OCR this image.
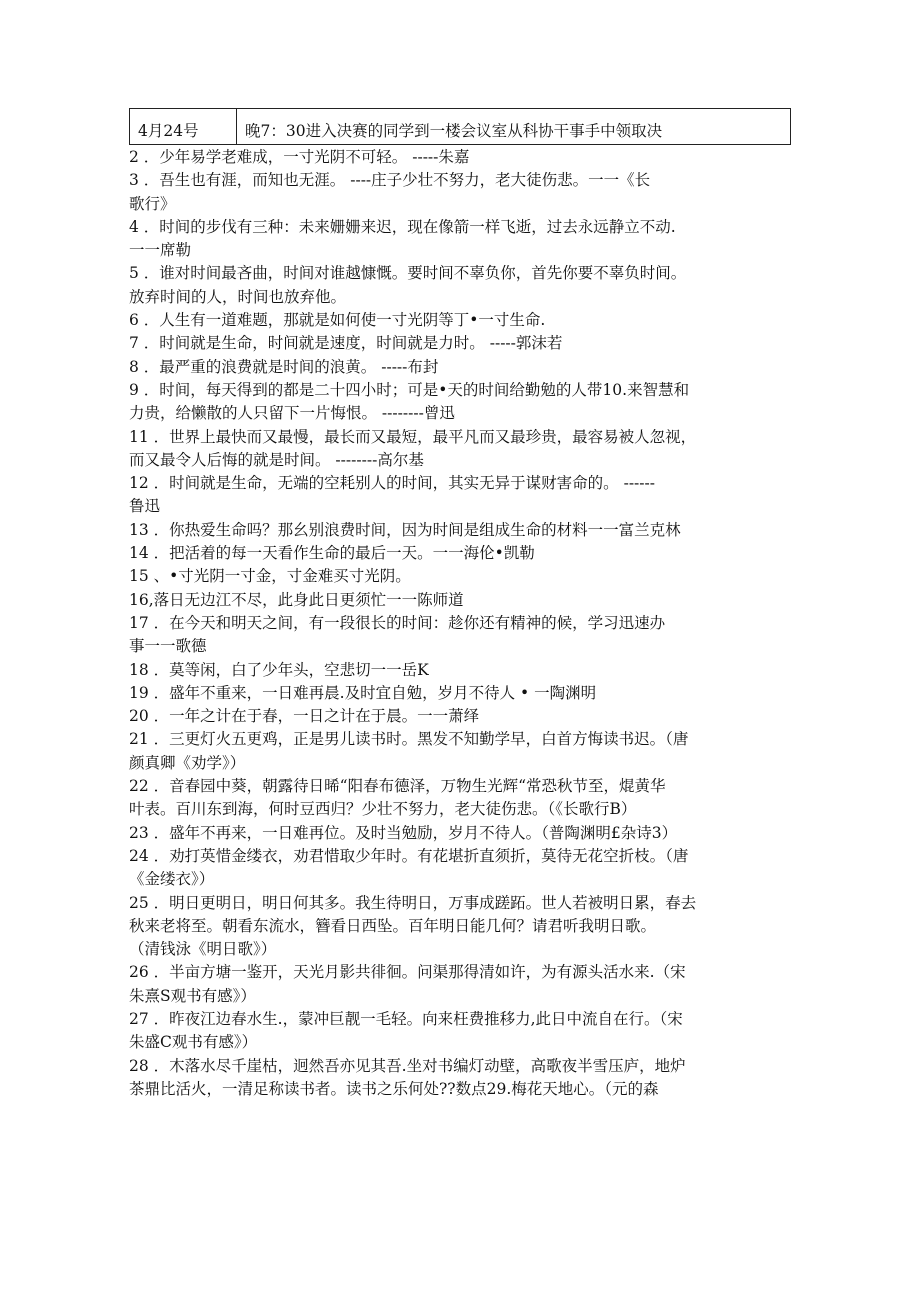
4月24号	晚7：30进入决赛的同学到一楼会议室从科协干事手中领取决

2 ．少年易学老难成，一寸光阴不可轻。 -----朱嘉

3 ．吾生也有涯，而知也无涯。 ----庄子少壮不努力，老大徒伤悲。一一《长

歌行》

4 ．时间的步伐有三种：未来姗姗来迟，现在像箭一样飞逝，过去永远静立不动.

一一席勒

5 ．谁对时间最吝曲，时间对谁越慷慨。要时间不辜负你，首先你要不辜负时间。

放弃时间的人，时间也放弃他。

6 ．人生有一道难题，那就是如何使一寸光阴等丁•一寸生命.

7 ．时间就是生命，时间就是速度，时间就是力时。 -----郭沫若

8 ．最严重的浪费就是时间的浪黄。 -----布封

9 ．时间，每天得到的都是二十四小时；可是•天的时间给勤勉的人带10.来智慧和

力贵，给懒散的人只留下一片悔恨。 --------曾迅

11 ．世界上最快而又最慢，最长而又最短，最平凡而又最珍贵，最容易被人忽视，

而又最令人后悔的就是时间。 --------高尔基

12 ．时间就是生命，无端的空耗别人的时间，其实无异于谋财害命的。 ------

鲁迅

13 ．你热爱生命吗？那幺别浪费时间，因为时间是组成生命的材料一一富兰克林

14 ．把活着的每一天看作生命的最后一天。一一海伦•凯勒

15 、•寸光阴一寸金，寸金难买寸光阴。

16,落日无边江不尽，此身此日更须忙一一陈师道

17 ．在今天和明天之间，有一段很长的时间：趁你还有精神的候，学习迅速办

事一一歌德

18 ．莫等闲，白了少年头，空悲切一一岳K

19 ．盛年不重来，一日难再晨.及时宜自勉，岁月不待人 • 一陶渊明

20 ．一年之计在于春，一日之计在于晨。一一萧绎

21 ．三更灯火五更鸡，正是男儿读书时。黑发不知勤学早，白首方悔读书迟。（唐

颜真卿《劝学》）

22 ．音春园中葵，朝露待日晞“阳春布德泽，万物生光辉“常恐秋节至，焜黄华

叶表。百川东到海，何时豆西归？少壮不努力，老大徒伤悲。（《长歌行B）

23 ．盛年不再来，一日难再位。及时当勉励，岁月不待人。（普陶渊明£杂诗3）

24 ．劝打英惜金缕衣，劝君惜取少年时。有花堪折直须折，莫待无花空折枝。（唐

《金缕衣》）

25 ．明日更明日，明日何其多。我生待明日，万事成蹉跖。世人若被明日累，春去

秋来老将至。朝看东流水，簪看日西坠。百年明日能几何？请君听我明日歌。

（清钱泳《明日歌》）

26 ．半亩方塘一鉴开，天光月影共徘徊。问渠那得清如许，为有源头活水来.（宋

朱熹S观书有感》）

27 ．昨夜江边春水生.，蒙冲巨靓一毛轻。向来枉费推移力,此日中流自在行。（宋

朱盛C观书有感》）

28 ．木落水尽千崖枯，迥然吾亦见其吾.坐对书编灯动壁，高歌夜半雪压庐，地炉

茶鼎比活火，一清足称读书者。读书之乐何处??数点29.梅花天地心。（元的森
